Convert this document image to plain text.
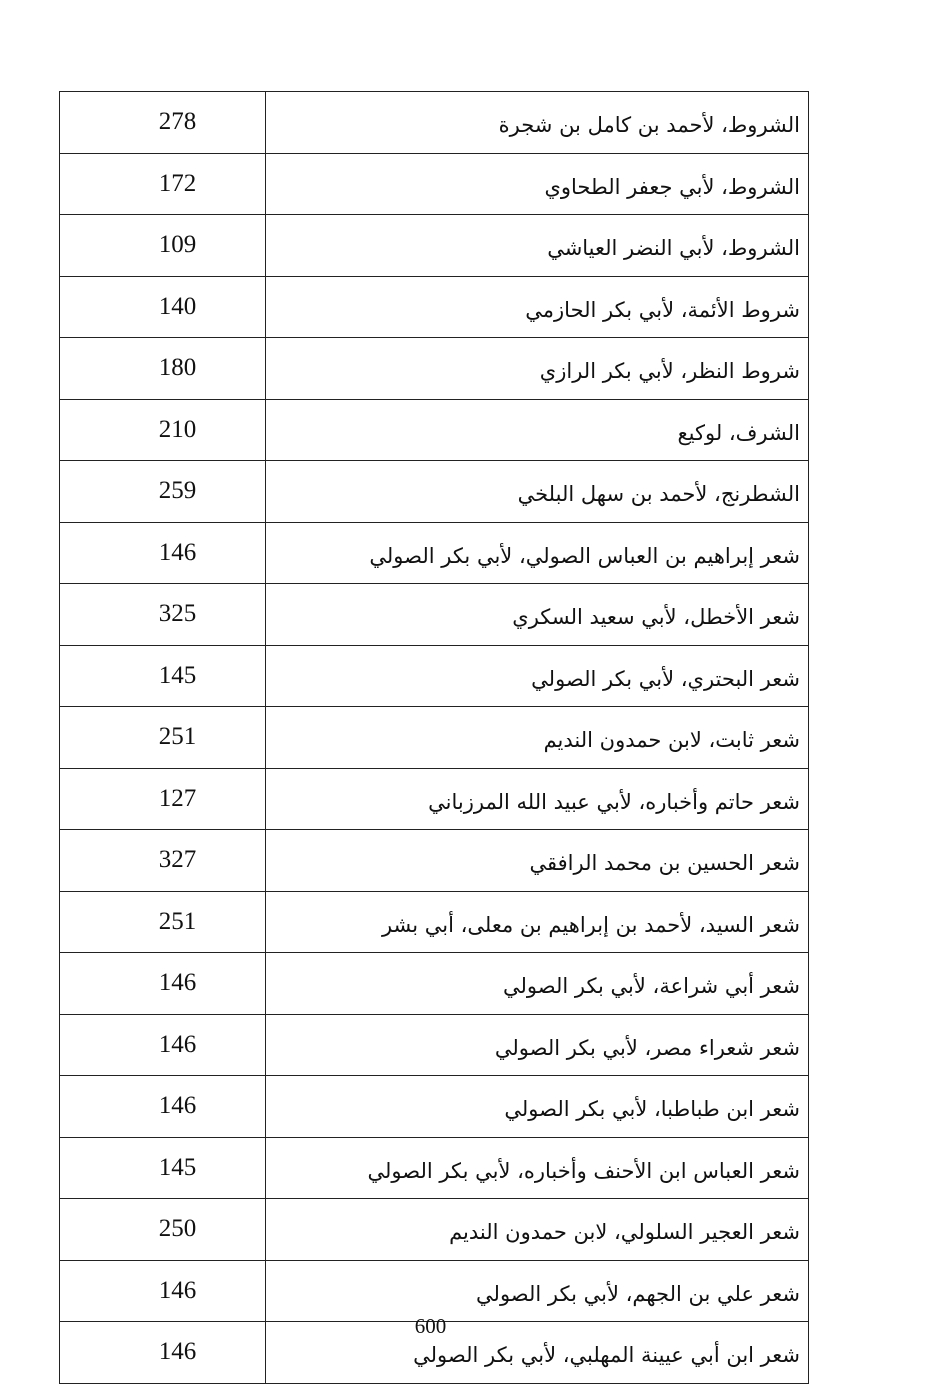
278	الشروط، لأحمد بن كامل بن شجرة
172	الشروط، لأبي جعفر الطحاوي
109	الشروط، لأبي النضر العياشي
140	شروط الأئمة، لأبي بكر الحازمي
180	شروط النظر، لأبي بكر الرازي
210	الشرف، لوكيع
259	الشطرنج، لأحمد بن سهل البلخي
146	شعر إبراهيم بن العباس الصولي، لأبي بكر الصولي
325	شعر الأخطل، لأبي سعيد السكري
145	شعر البحتري، لأبي بكر الصولي
251	شعر ثابت، لابن حمدون النديم
127	شعر حاتم وأخباره، لأبي عبيد الله المرزباني
327	شعر الحسين بن محمد الرافقي
251	شعر السيد، لأحمد بن إبراهيم بن معلى، أبي بشر
146	شعر أبي شراعة، لأبي بكر الصولي
146	شعر شعراء مصر، لأبي بكر الصولي
146	شعر ابن طباطبا، لأبي بكر الصولي
145	شعر العباس ابن الأحنف وأخباره، لأبي بكر الصولي
250	شعر العجير السلولي، لابن حمدون النديم
146	شعر علي بن الجهم، لأبي بكر الصولي
146	شعر ابن أبي عيينة المهلبي، لأبي بكر الصولي
600
